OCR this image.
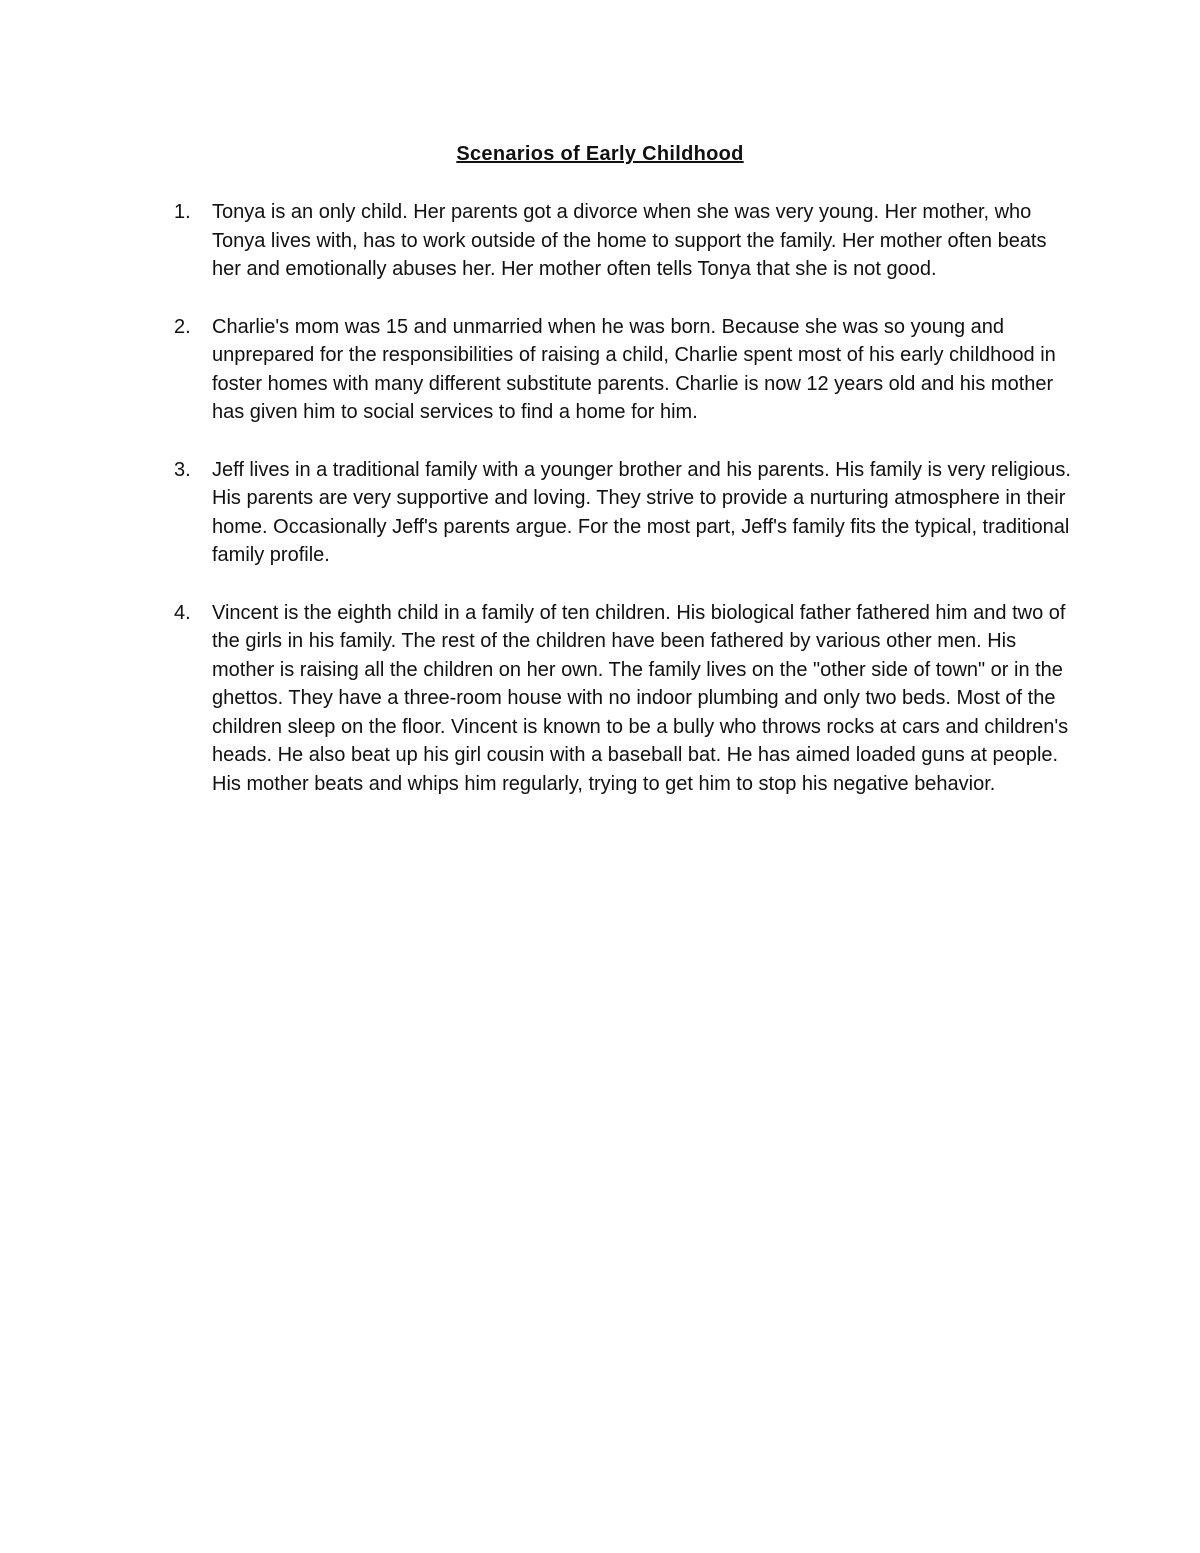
Scenarios of Early Childhood
1. Tonya is an only child. Her parents got a divorce when she was very young. Her mother, who Tonya lives with, has to work outside of the home to support the family. Her mother often beats her and emotionally abuses her. Her mother often tells Tonya that she is not good.
2. Charlie's mom was 15 and unmarried when he was born. Because she was so young and unprepared for the responsibilities of raising a child, Charlie spent most of his early childhood in foster homes with many different substitute parents. Charlie is now 12 years old and his mother has given him to social services to find a home for him.
3. Jeff lives in a traditional family with a younger brother and his parents. His family is very religious. His parents are very supportive and loving. They strive to provide a nurturing atmosphere in their home. Occasionally Jeff's parents argue. For the most part, Jeff's family fits the typical, traditional family profile.
4. Vincent is the eighth child in a family of ten children. His biological father fathered him and two of the girls in his family. The rest of the children have been fathered by various other men. His mother is raising all the children on her own. The family lives on the "other side of town" or in the ghettos. They have a three-room house with no indoor plumbing and only two beds. Most of the children sleep on the floor. Vincent is known to be a bully who throws rocks at cars and children's heads. He also beat up his girl cousin with a baseball bat. He has aimed loaded guns at people. His mother beats and whips him regularly, trying to get him to stop his negative behavior.
